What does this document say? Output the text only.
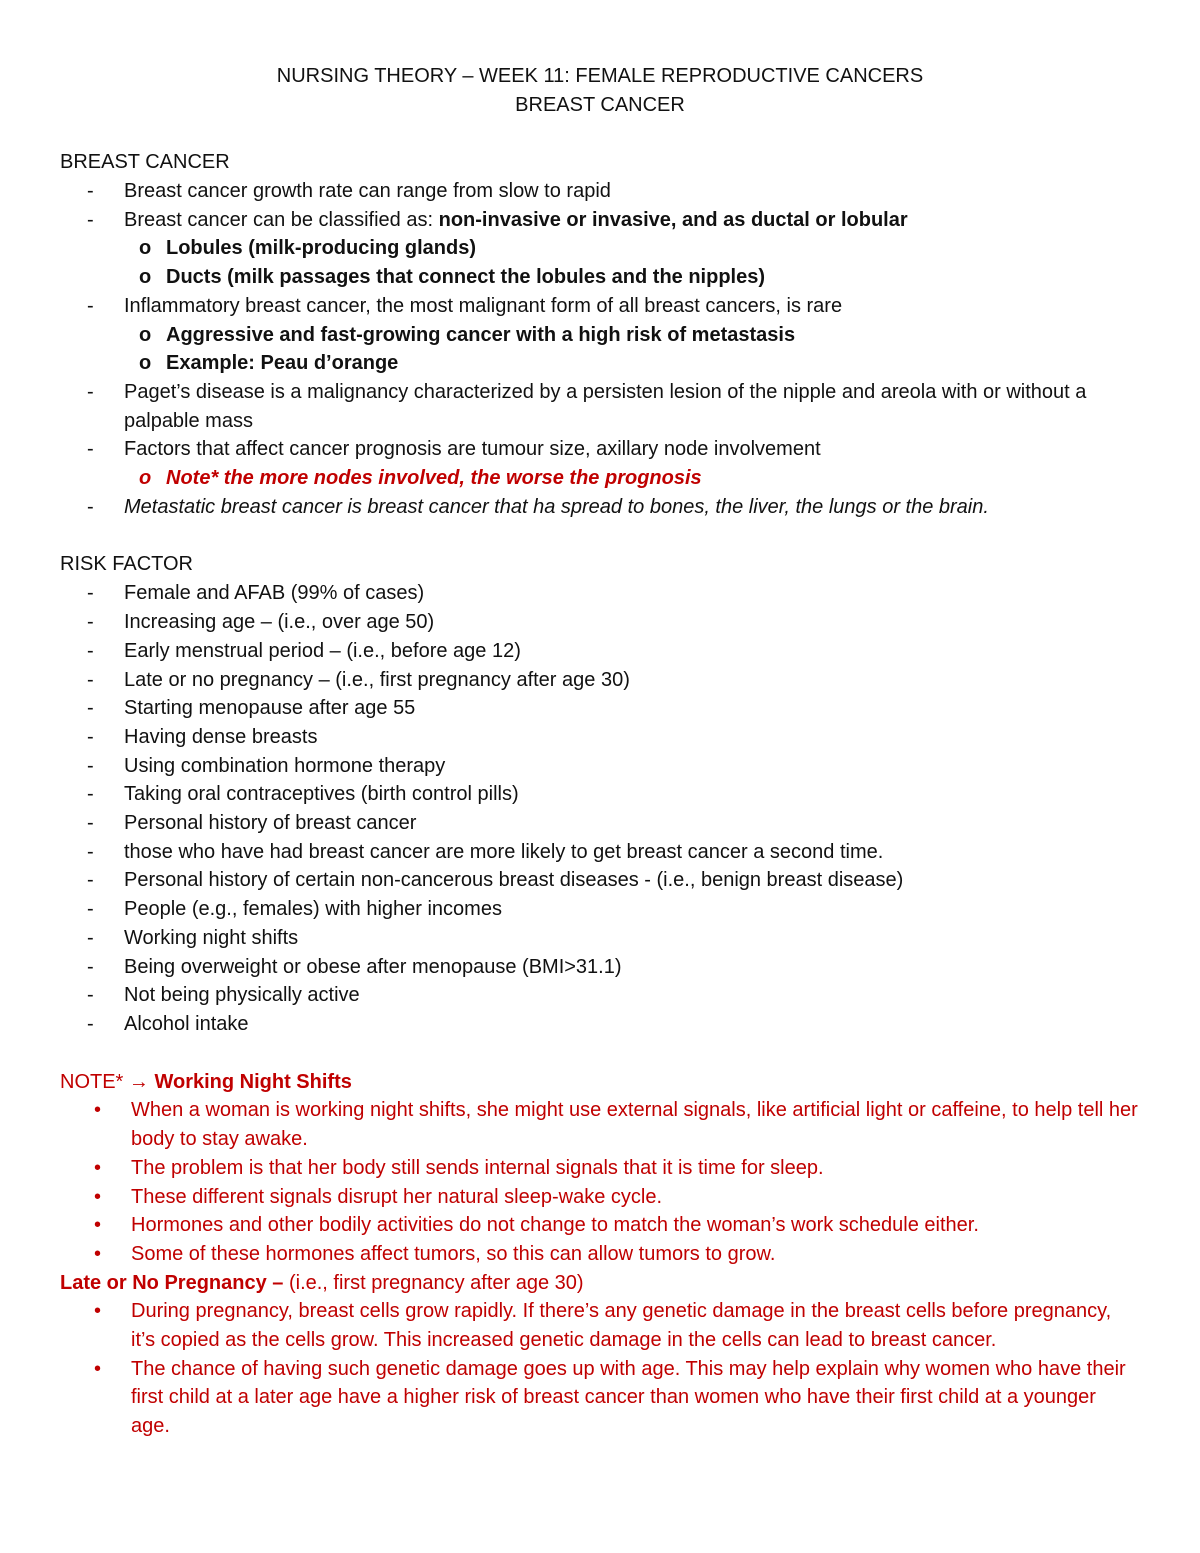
NURSING THEORY – WEEK 11: FEMALE REPRODUCTIVE CANCERS

BREAST CANCER

BREAST CANCER

- Breast cancer growth rate can range from slow to rapid
- Breast cancer can be classified as: non-invasive or invasive, and as ductal or lobular
o Lobules (milk-producing glands)
o Ducts (milk passages that connect the lobules and the nipples)
- Inflammatory breast cancer, the most malignant form of all breast cancers, is rare
o Aggressive and fast-growing cancer with a high risk of metastasis
o Example: Peau d’orange
- Paget’s disease is a malignancy characterized by a persisten lesion of the nipple and areola with or without a palpable mass
- Factors that affect cancer prognosis are tumour size, axillary node involvement
o Note* the more nodes involved, the worse the prognosis
- Metastatic breast cancer is breast cancer that ha spread to bones, the liver, the lungs or the brain.

RISK FACTOR

- Female and AFAB (99% of cases)
- Increasing age – (i.e., over age 50)
- Early menstrual period – (i.e., before age 12)
- Late or no pregnancy – (i.e., first pregnancy after age 30)
- Starting menopause after age 55
- Having dense breasts
- Using combination hormone therapy
- Taking oral contraceptives (birth control pills)
- Personal history of breast cancer
- those who have had breast cancer are more likely to get breast cancer a second time.
- Personal history of certain non-cancerous breast diseases - (i.e., benign breast disease)
- People (e.g., females) with higher incomes
- Working night shifts
- Being overweight or obese after menopause (BMI>31.1)
- Not being physically active
- Alcohol intake

NOTE* → Working Night Shifts

• When a woman is working night shifts, she might use external signals, like artificial light or caffeine, to help tell her body to stay awake.
• The problem is that her body still sends internal signals that it is time for sleep.
• These different signals disrupt her natural sleep-wake cycle.
• Hormones and other bodily activities do not change to match the woman’s work schedule either.
• Some of these hormones affect tumors, so this can allow tumors to grow.

Late or No Pregnancy – (i.e., first pregnancy after age 30)

• During pregnancy, breast cells grow rapidly. If there’s any genetic damage in the breast cells before pregnancy, it’s copied as the cells grow. This increased genetic damage in the cells can lead to breast cancer.
• The chance of having such genetic damage goes up with age. This may help explain why women who have their first child at a later age have a higher risk of breast cancer than women who have their first child at a younger age.
